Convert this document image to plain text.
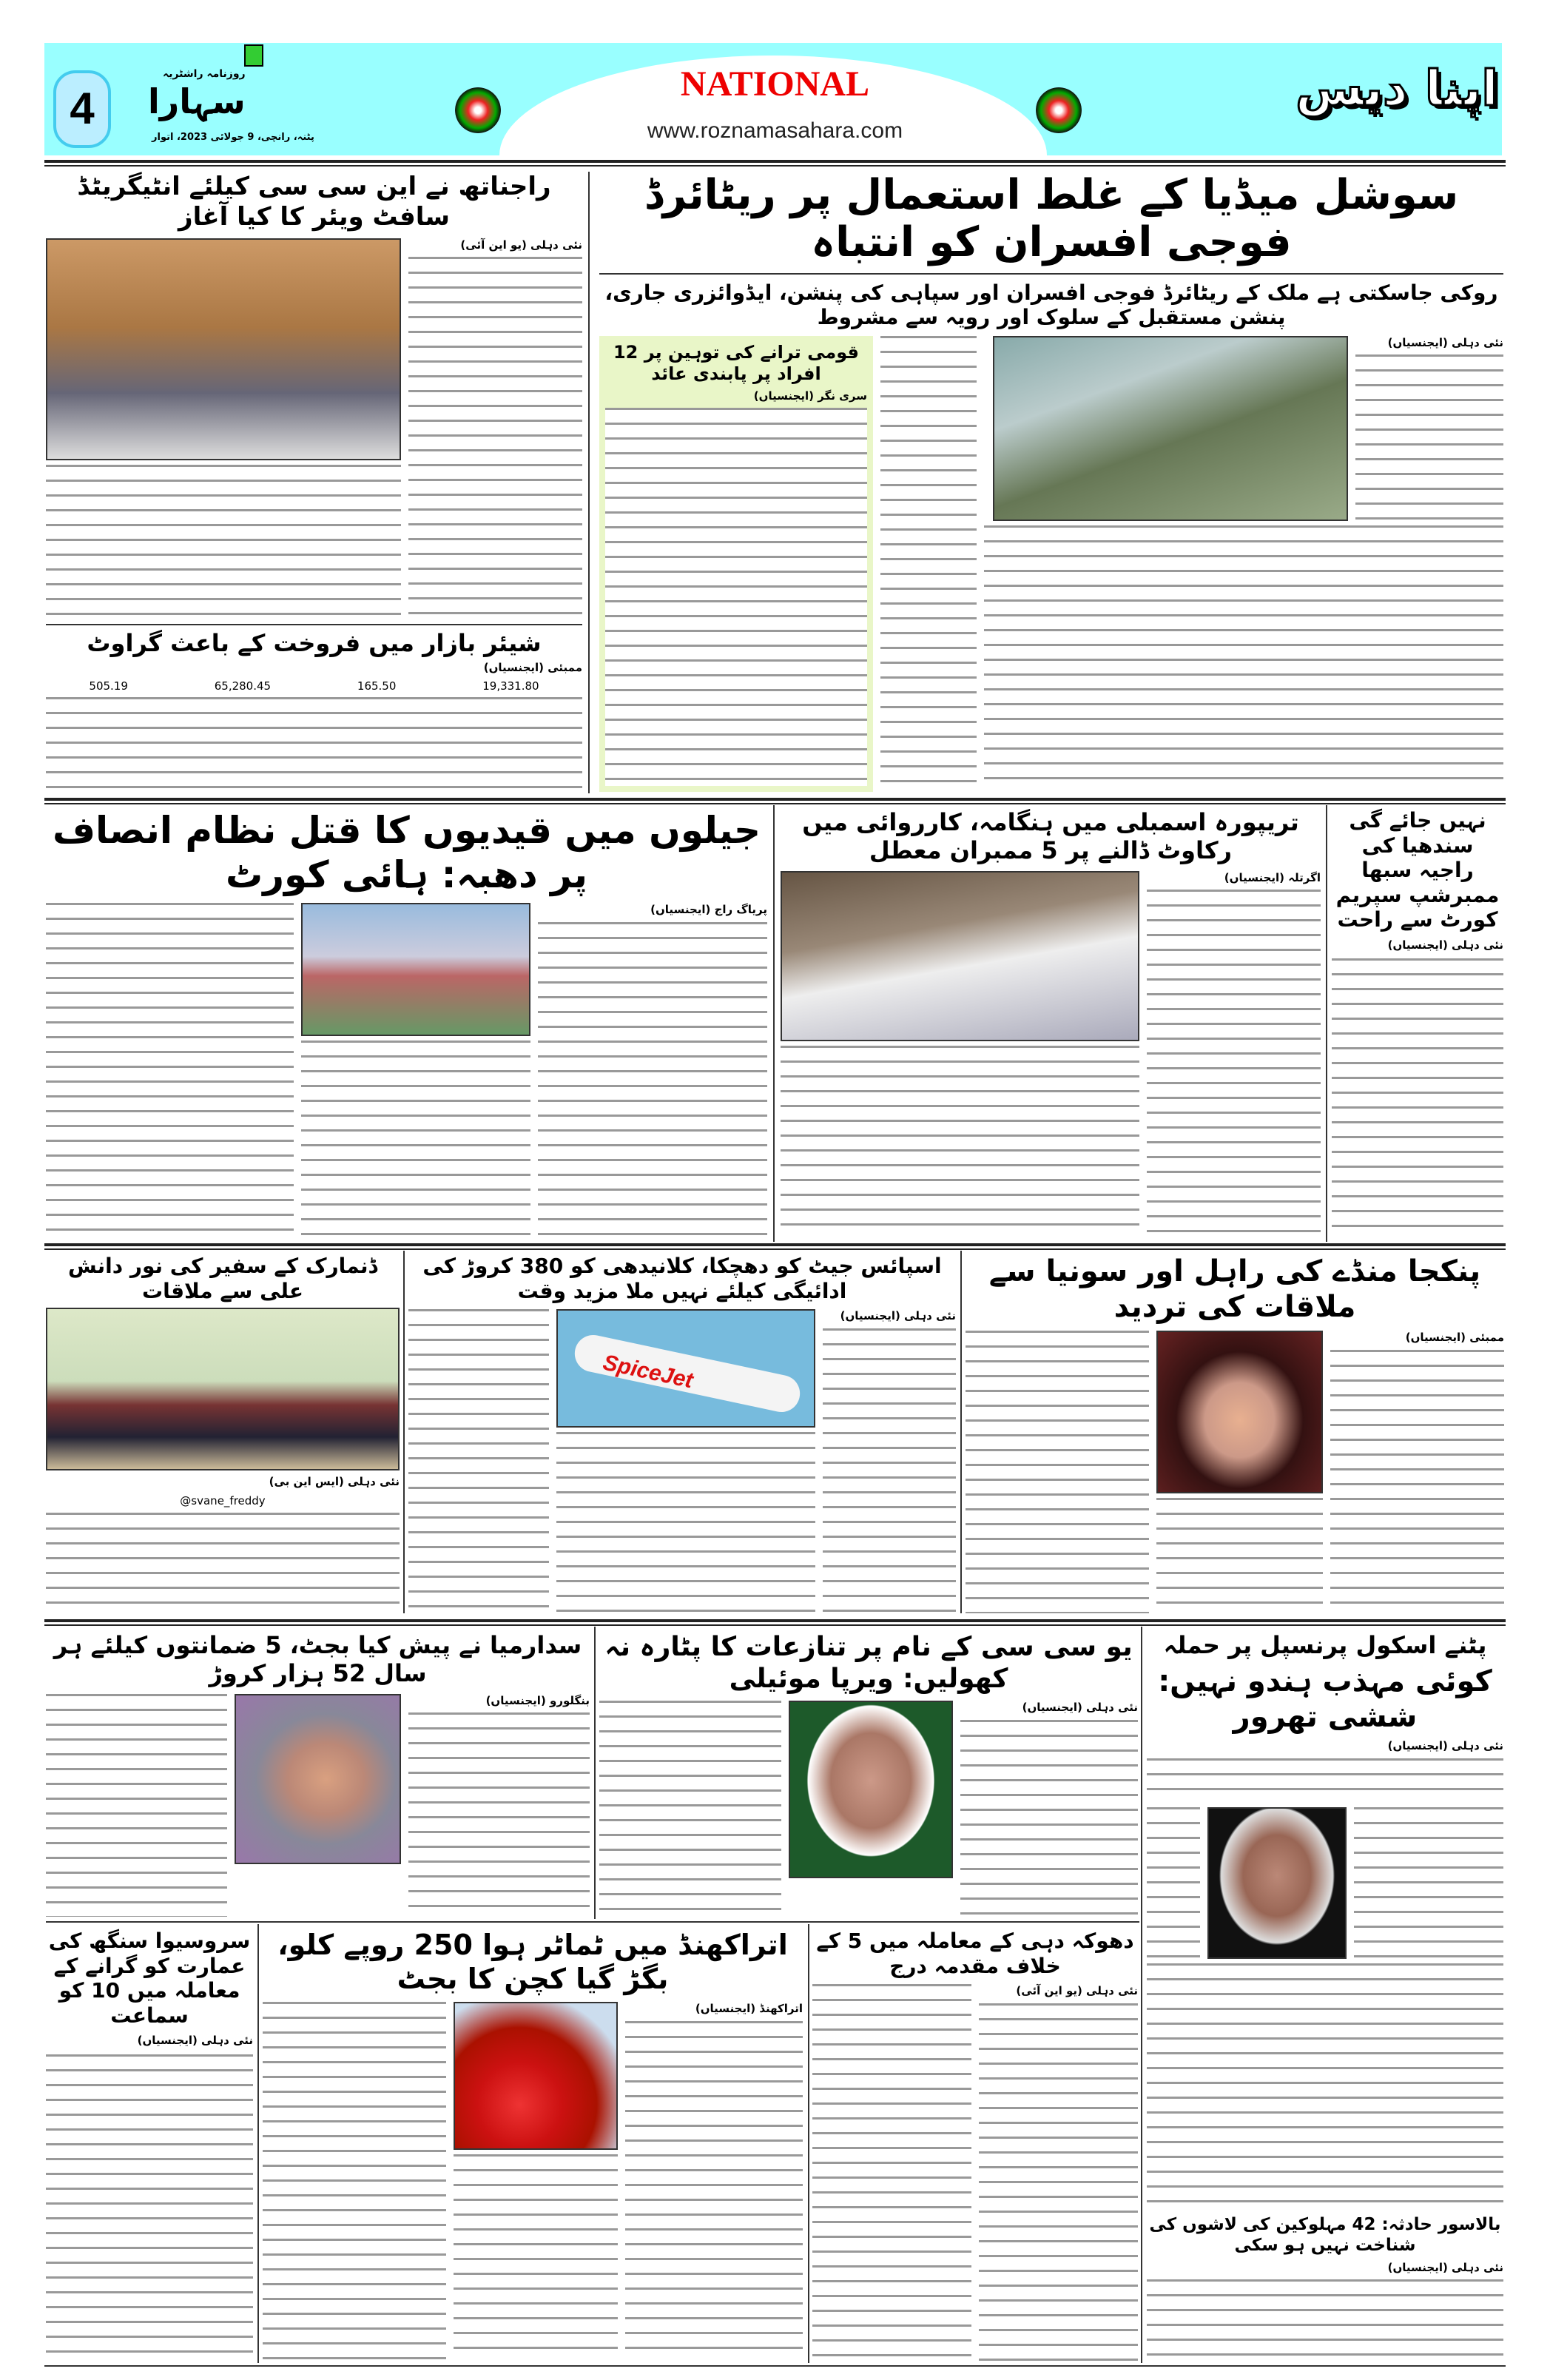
NATIONAL
www.roznamasahara.com
4
روزنامہ راشٹریہ
سہارا
پٹنہ، رانچی، 9 جولائی 2023، اتوار
اپنا دیس
سوشل میڈیا کے غلط استعمال پر ریٹائرڈ فوجی افسران کو انتباہ
روکی جاسکتی ہے ملک کے ریٹائرڈ فوجی افسران اور سپاہی کی پنشن، ایڈوائزری جاری، پنشن مستقبل کے سلوک اور رویہ سے مشروط
نئی دہلی (ایجنسیاں)
قومی ترانے کی توہین پر 12 افراد پر پابندی عائد
سری نگر (ایجنسیاں)
راجناتھ نے این سی سی کیلئے انٹیگریٹڈ سافٹ ویئر کا کیا آغاز
نئی دہلی (یو این آئی)
شیئر بازار میں فروخت کے باعث گراوٹ
ممبئی (ایجنسیاں)
505.19	65,280.45	165.50	19,331.80
جیلوں میں قیدیوں کا قتل نظام انصاف پر دھبہ: ہائی کورٹ
پریاگ راج (ایجنسیاں)
تریپورہ اسمبلی میں ہنگامہ، کارروائی میں رکاوٹ ڈالنے پر 5 ممبران معطل
اگرتلہ (ایجنسیاں)
نہیں جائے گی سندھیا کی راجیہ سبھا ممبرشپ سپریم کورٹ سے راحت
نئی دہلی (ایجنسیاں)
ڈنمارک کے سفیر کی نور دانش علی سے ملاقات
نئی دہلی (ایس این بی)
@svane_freddy
اسپائس جیٹ کو دھچکا، کلانیدھی کو 380 کروڑ کی ادائیگی کیلئے نہیں ملا مزید وقت
نئی دہلی (ایجنسیاں)
SpiceJet
پنکجا منڈے کی راہل اور سونیا سے ملاقات کی تردید
ممبئی (ایجنسیاں)
سدارمیا نے پیش کیا بجٹ، 5 ضمانتوں کیلئے ہر سال 52 ہزار کروڑ
بنگلورو (ایجنسیاں)
یو سی سی کے نام پر تنازعات کا پٹارہ نہ کھولیں: ویرپا موئیلی
نئی دہلی (ایجنسیاں)
پٹنے اسکول پرنسپل پر حملہ
کوئی مہذب ہندو نہیں: ششی تھرور
نئی دہلی (ایجنسیاں)
بالاسور حادثہ: 42 مہلوکین کی لاشوں کی شناخت نہیں ہو سکی
نئی دہلی (ایجنسیاں)
سروسیوا سنگھ کی عمارت کو گرانے کے معاملہ میں 10 کو سماعت
نئی دہلی (ایجنسیاں)
اتراکھنڈ میں ٹماٹر ہوا 250 روپے کلو، بگڑ گیا کچن کا بجٹ
اتراکھنڈ (ایجنسیاں)
دھوکہ دہی کے معاملہ میں 5 کے خلاف مقدمہ درج
نئی دہلی (یو این آئی)
